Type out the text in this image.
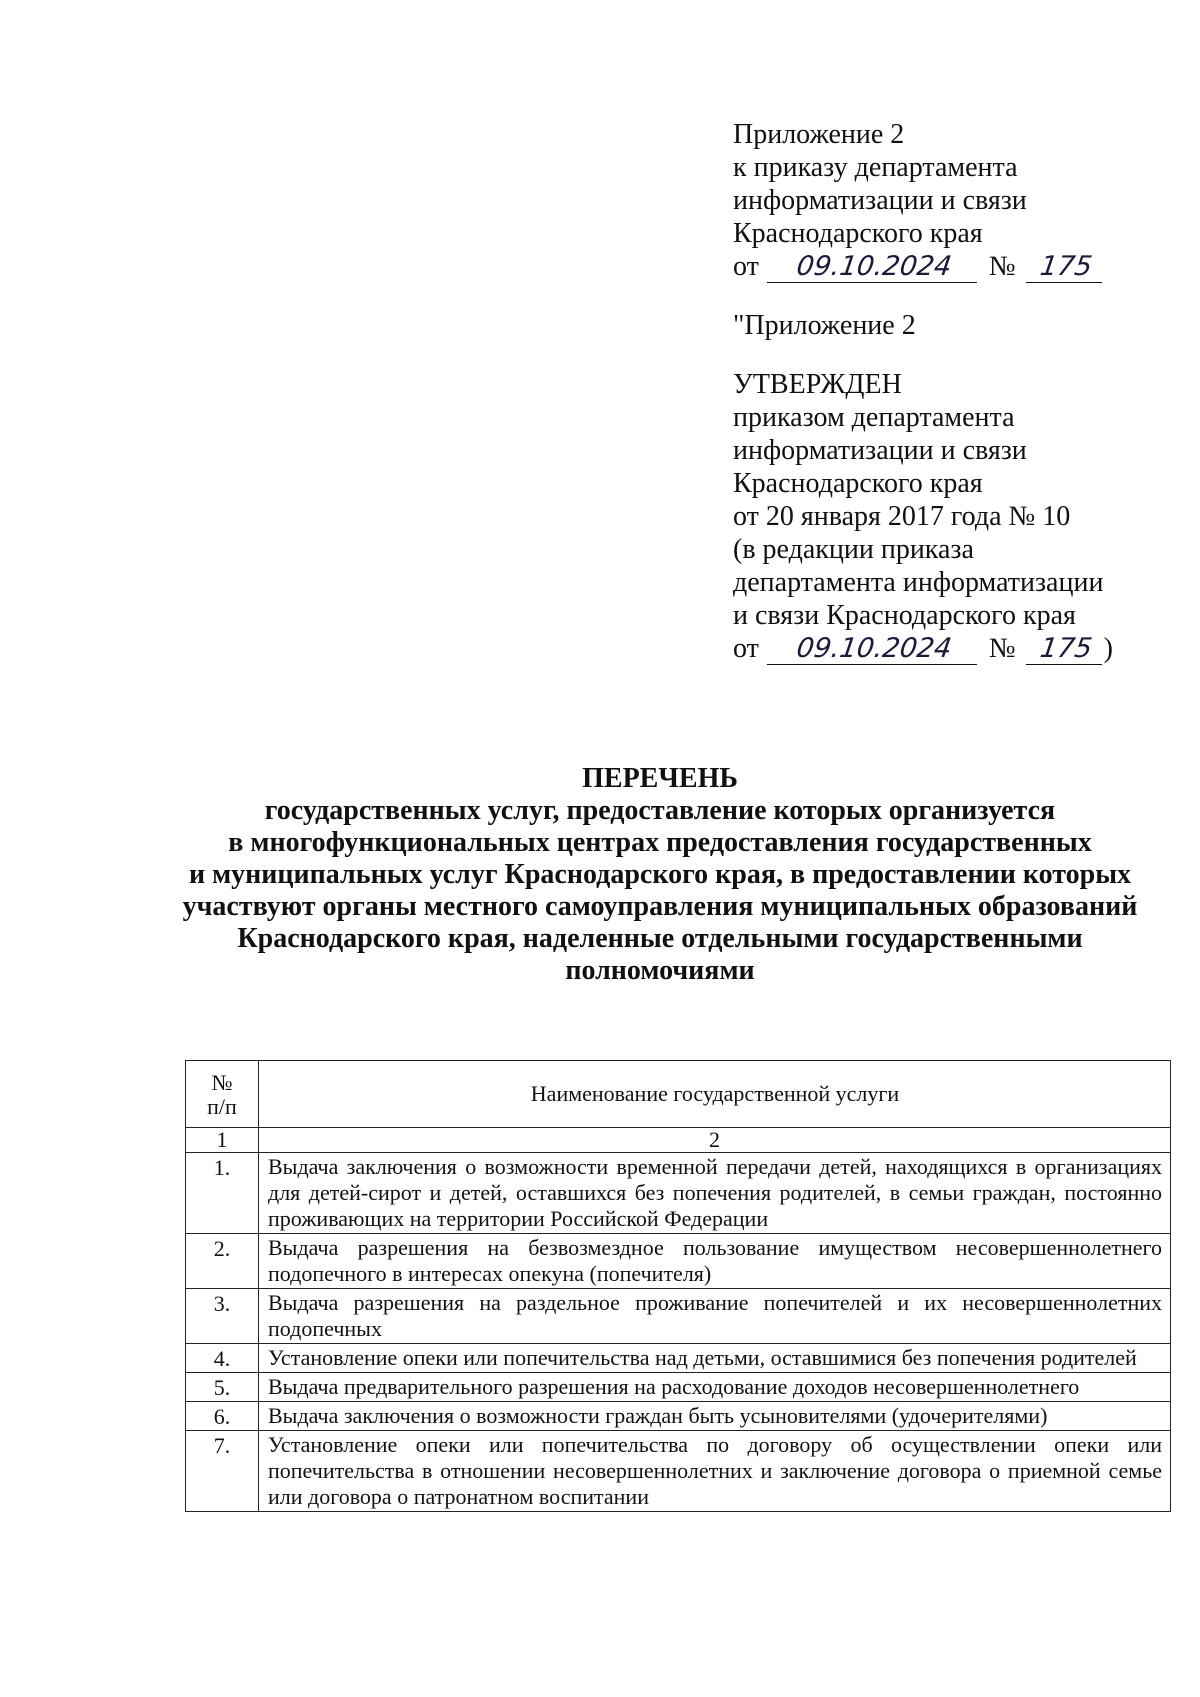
Приложение 2
к приказу департамента
информатизации и связи
Краснодарского края
от 09.10.2024 № 175
"Приложение 2
УТВЕРЖДЕН
приказом департамента
информатизации и связи
Краснодарского края
от 20 января 2017 года № 10
(в редакции приказа
департамента информатизации
и связи Краснодарского края
от 09.10.2024 № 175 )
ПЕРЕЧЕНЬ
государственных услуг, предоставление которых организуется
в многофункциональных центрах предоставления государственных
и муниципальных услуг Краснодарского края, в предоставлении которых
участвуют органы местного самоуправления муниципальных образований
Краснодарского края, наделенные отдельными государственными
полномочиями
№
п/п	Наименование государственной услуги
1	2
1.	Выдача заключения о возможности временной передачи детей, находящихся в организациях для детей-сирот и детей, оставшихся без попечения родителей, в семьи граждан, постоянно проживающих на территории Российской Федерации
2.	Выдача разрешения на безвозмездное пользование имуществом несовершеннолетнего подопечного в интересах опекуна (попечителя)
3.	Выдача разрешения на раздельное проживание попечителей и их несовершеннолетних подопечных
4.	Установление опеки или попечительства над детьми, оставшимися без попечения родителей
5.	Выдача предварительного разрешения на расходование доходов несовершеннолетнего
6.	Выдача заключения о возможности граждан быть усыновителями (удочерителями)
7.	Установление опеки или попечительства по договору об осуществлении опеки или попечительства в отношении несовершеннолетних и заключение договора о приемной семье или договора о патронатном воспитании
